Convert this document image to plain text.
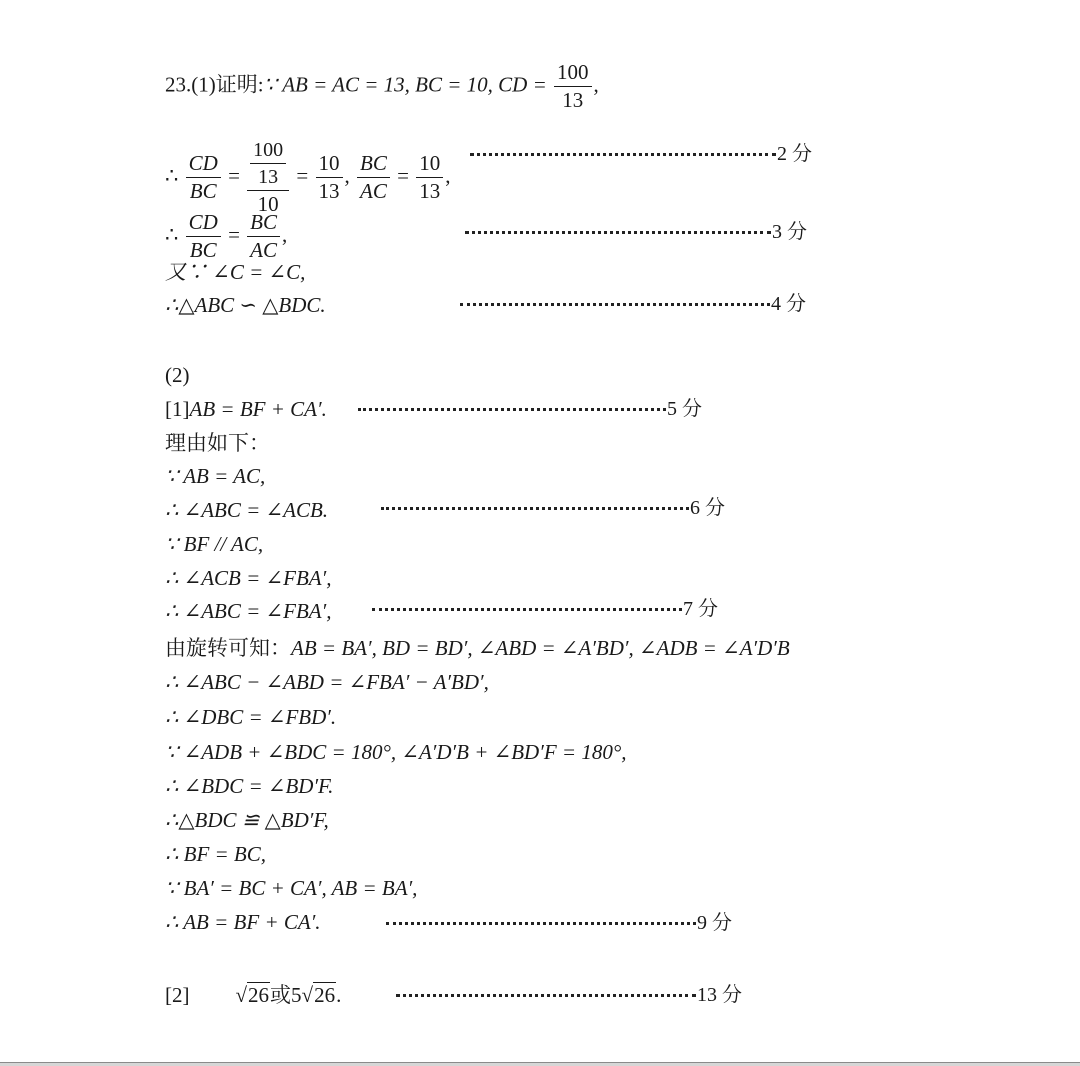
23.(1)证明:∵ AB = AC = 13, BC = 10, CD = $\frac{100}{13}$ ,
∴ $\frac{CD}{BC} = \frac{\frac{100}{13}}{10} = \frac{10}{13}$ , $\frac{BC}{AC} = \frac{10}{13}$ ,
2 分
∴ $\frac{CD}{BC} = \frac{BC}{AC}$ ,	3 分
又∵ ∠C = ∠C,
∴△ABC ∽ △BDC.	4 分
(2)
[1]AB = BF + CA′.	5 分
理由如下：
∵ AB = AC,
∴ ∠ABC = ∠ACB.	6 分
∵ BF // AC,
∴ ∠ACB = ∠FBA′,
∴ ∠ABC = ∠FBA′,	7 分
由旋转可知：AB = BA′, BD = BD′, ∠ABD = ∠A′BD′, ∠ADB = ∠A′D′B
∴ ∠ABC − ∠ABD = ∠FBA′ − A′BD′,
∴ ∠DBC = ∠FBD′.
∵ ∠ADB + ∠BDC = 180°, ∠A′D′B + ∠BD′F = 180°,
∴ ∠BDC = ∠BD′F.
∴△BDC ≌ △BD′F,
∴ BF = BC,
∵ BA′ = BC + CA′, AB = BA′,
∴ AB = BF + CA′.	9 分
[2] √26或5√26.	13 分
